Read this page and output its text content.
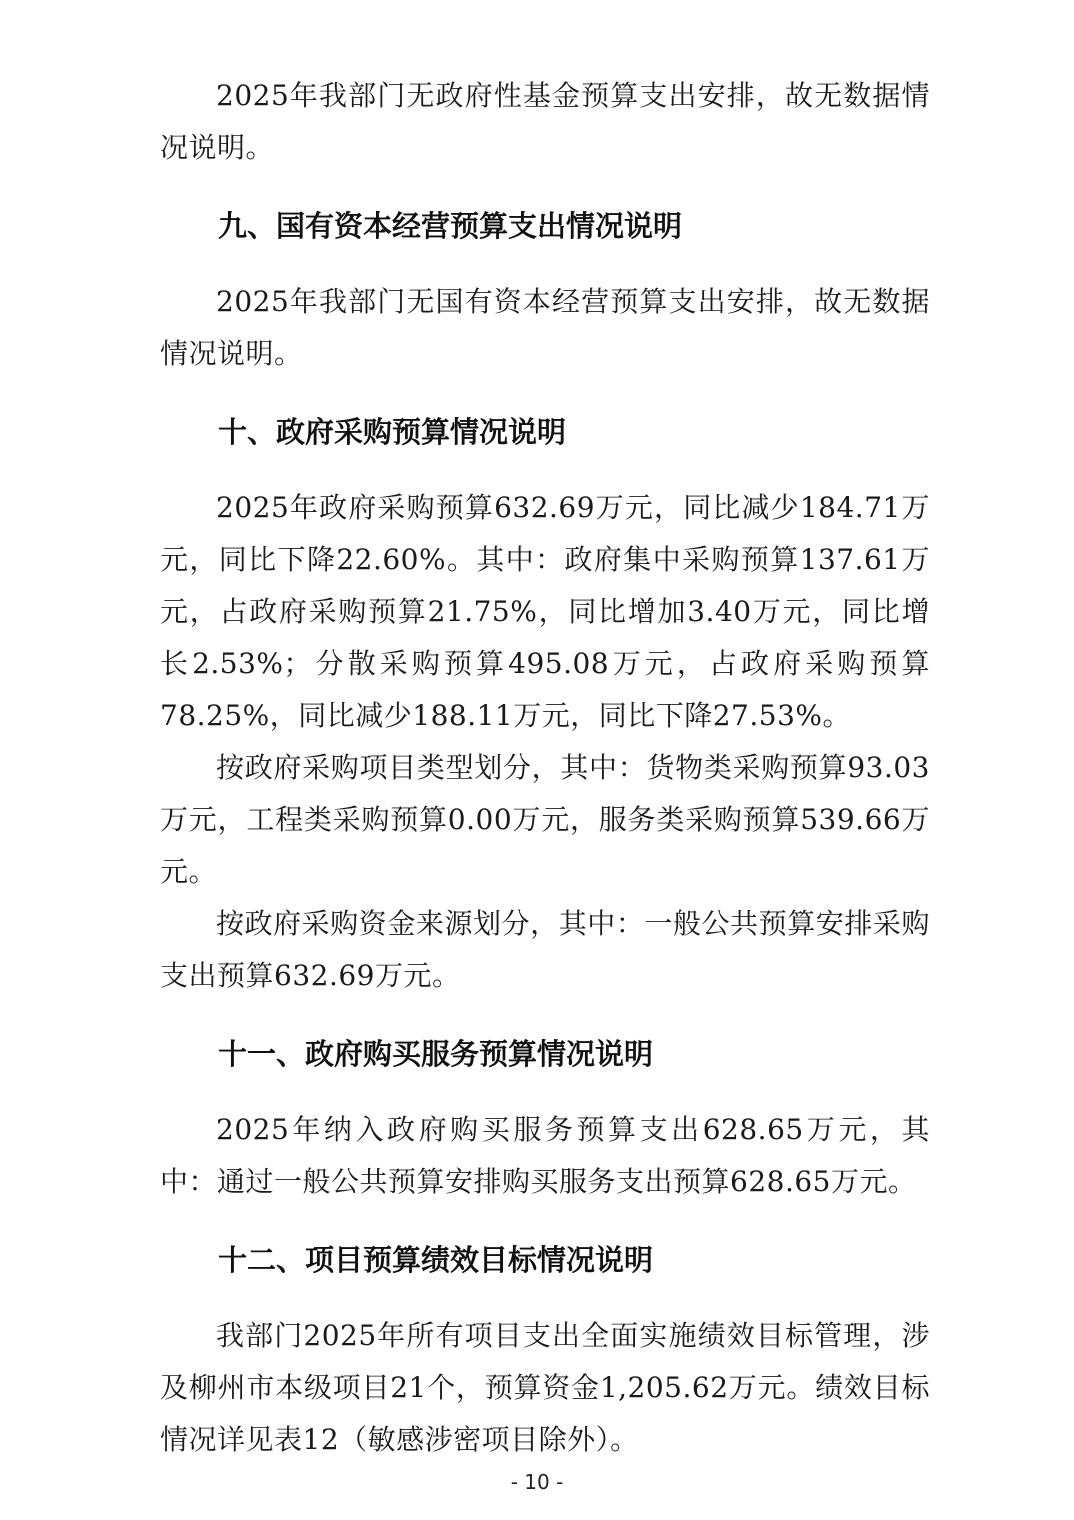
2025年我部门无政府性基金预算支出安排，故无数据情况说明。

九、国有资本经营预算支出情况说明

2025年我部门无国有资本经营预算支出安排，故无数据情况说明。

十、政府采购预算情况说明

2025年政府采购预算632.69万元，同比减少184.71万元，同比下降22.60%。其中：政府集中采购预算137.61万元，占政府采购预算21.75%，同比增加3.40万元，同比增长2.53%；分散采购预算495.08万元，占政府采购预算78.25%，同比减少188.11万元，同比下降27.53%。

按政府采购项目类型划分，其中：货物类采购预算93.03万元，工程类采购预算0.00万元，服务类采购预算539.66万元。

按政府采购资金来源划分，其中：一般公共预算安排采购支出预算632.69万元。

十一、政府购买服务预算情况说明

2025年纳入政府购买服务预算支出628.65万元，其中：通过一般公共预算安排购买服务支出预算628.65万元。

十二、项目预算绩效目标情况说明

我部门2025年所有项目支出全面实施绩效目标管理，涉及柳州市本级项目21个，预算资金1,205.62万元。绩效目标情况详见表12（敏感涉密项目除外）。

- 10 -
